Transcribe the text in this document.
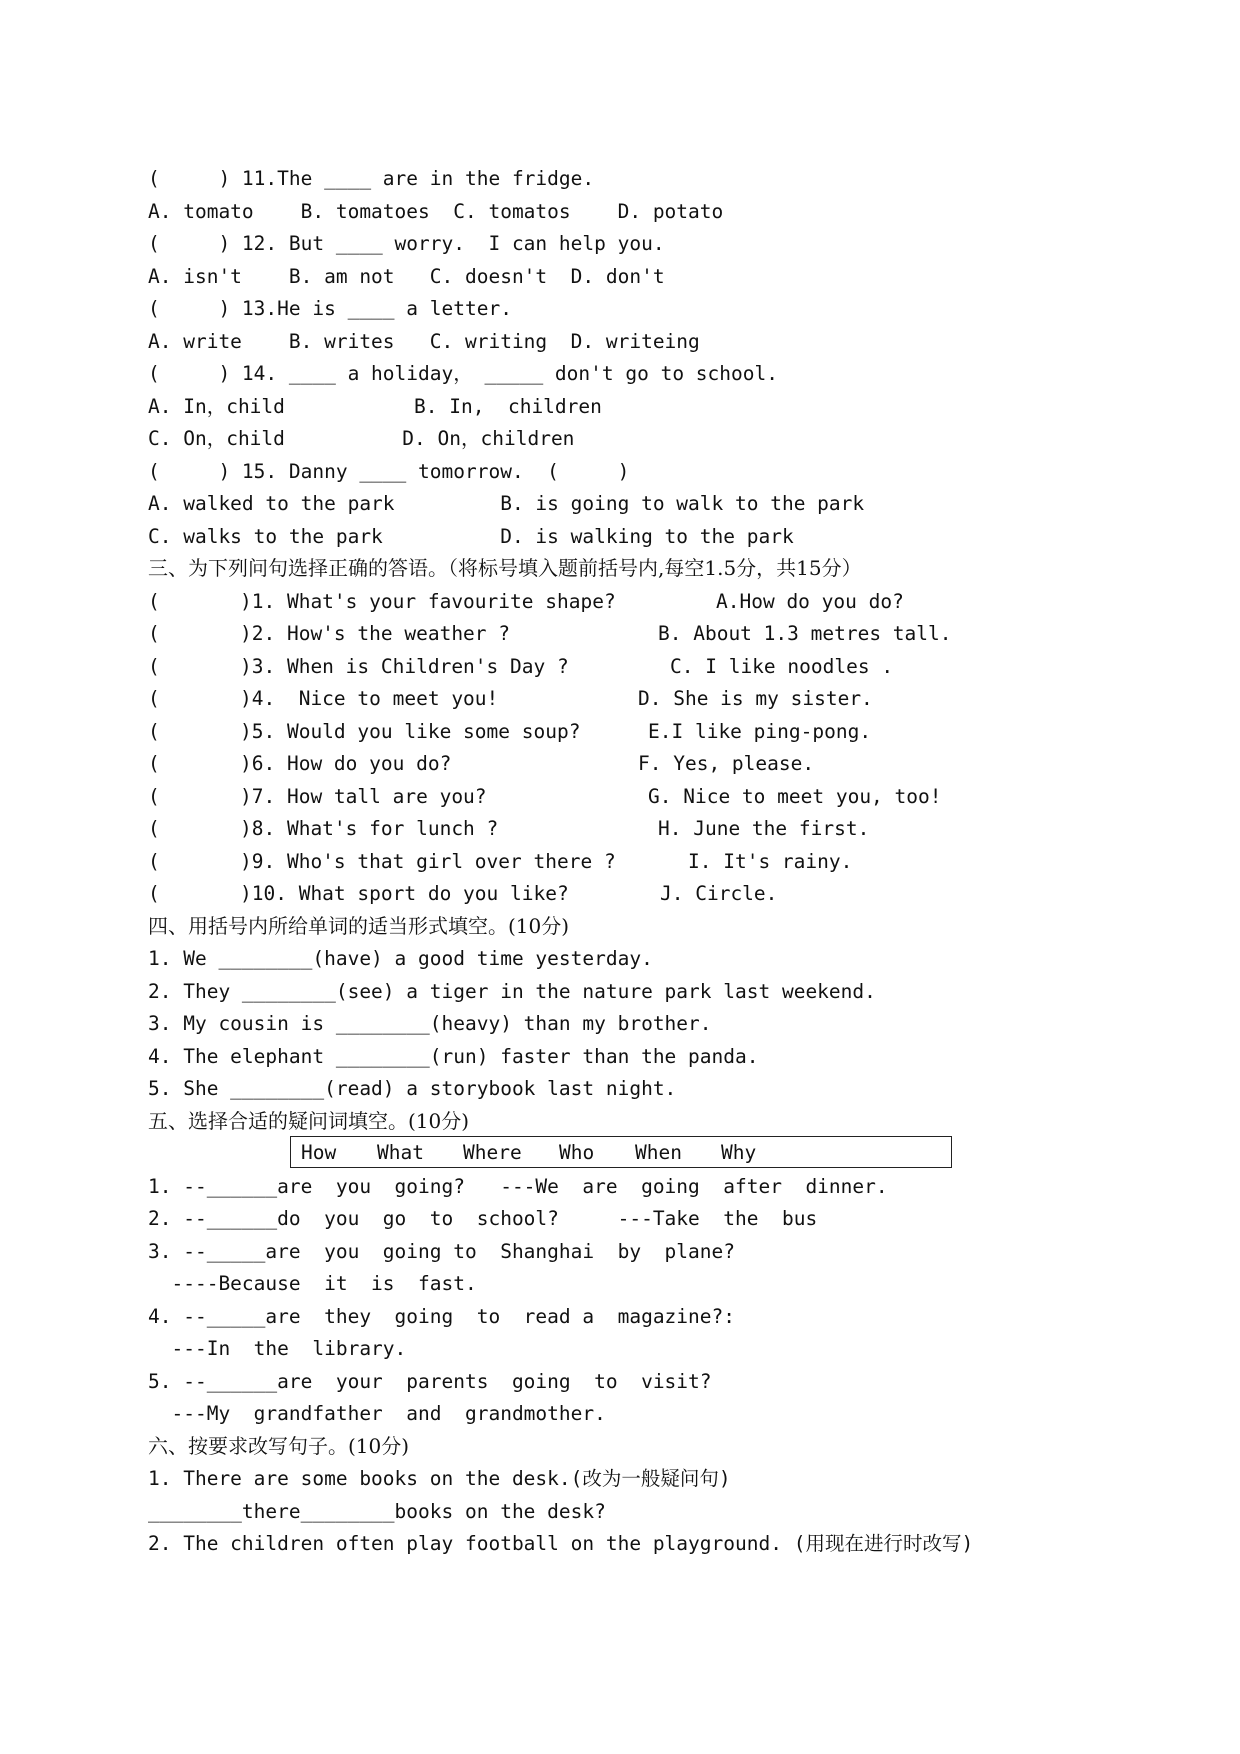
(     ) 11.The ____ are in the fridge.
A. tomato    B. tomatoes  C. tomatos    D. potato
(     ) 12. But ____ worry.  I can help you.
A. isn't    B. am not   C. doesn't  D. don't
(     ) 13.He is ____ a letter.
A. write    B. writes   C. writing  D. writeing
(     ) 14. ____ a holiday， _____ don't go to school.
A. In，child           B. In,  children
C. On，child          D. On，children
(     ) 15. Danny ____ tomorrow.  (     )
A. walked to the park         B. is going to walk to the park
C. walks to the park          D. is walking to the park
三、为下列问句选择正确的答语。（将标号填入题前括号内,每空1.5分，共15分）
(	)1. What's your favourite shape?	A.How do you do?
(	)2. How's the weather ?	B. About 1.3 metres tall.
(	)3. When is Children's Day ?	C. I like noodles .
(	)4.  Nice to meet you!	D. She is my sister.
(	)5. Would you like some soup?	E.I like ping-pong.
(	)6. How do you do?	F. Yes, please.
(	)7. How tall are you?	G. Nice to meet you, too!
(	)8. What's for lunch ?	H. June the first.
(	)9. Who's that girl over there ?	I. It's rainy.
(	)10. What sport do you like?	J. Circle.
四、用括号内所给单词的适当形式填空。(10分)
1. We ________(have) a good time yesterday.
2. They ________(see) a tiger in the nature park last weekend.
3. My cousin is ________(heavy) than my brother.
4. The elephant ________(run) faster than the panda.
5. She ________(read) a storybook last night.
五、选择合适的疑问词填空。(10分)
How What Where Who When Why
1. --______are  you  going?   ---We  are  going  after  dinner.
2. --______do  you  go  to  school?     ---Take  the  bus
3. --_____are  you  going to  Shanghai  by  plane?
----Because  it  is  fast.
4. --_____are  they  going  to  read a  magazine?:
---In  the  library.
5. --______are  your  parents  going  to  visit?
---My  grandfather  and  grandmother.
六、按要求改写句子。(10分)
1. There are some books on the desk.(改为一般疑问句)
________there________books on the desk?
2. The children often play football on the playground. (用现在进行时改写)
